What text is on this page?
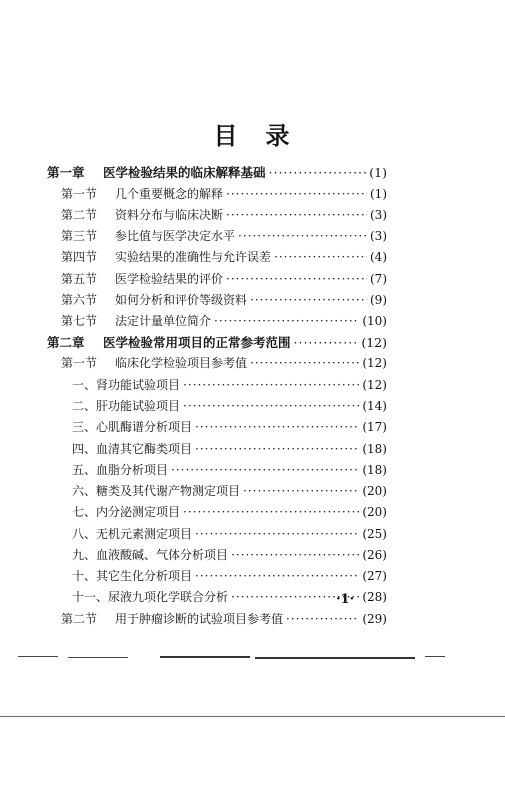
目　录
第一章	医学检验结果的临床解释基础 ·····	(1)
第一节	几个重要概念的解释 ·····	(1)
第二节	资料分布与临床决断 ·····	(3)
第三节	参比值与医学决定水平 ·····	(3)
第四节	实验结果的准确性与允许误差 ·····	(4)
第五节	医学检验结果的评价 ·····	(7)
第六节	如何分析和评价等级资料 ·····	(9)
第七节	法定计量单位简介 ·····	(10)
第二章	医学检验常用项目的正常参考范围 ·····	(12)
第一节	临床化学检验项目参考值 ·····	(12)
一、肾功能试验项目 ·····	(12)
二、肝功能试验项目 ·····	(14)
三、心肌酶谱分析项目 ·····	(17)
四、血清其它酶类项目 ·····	(18)
五、血脂分析项目 ·····	(18)
六、糖类及其代谢产物测定项目 ·····	(20)
七、内分泌测定项目 ·····	(20)
八、无机元素测定项目 ·····	(25)
九、血液酸碱、气体分析项目 ·····	(26)
十、其它生化分析项目 ·····	(27)
十一、尿液九项化学联合分析 ·····	(28)
第二节	用于肿瘤诊断的试验项目参考值 ·····	(29)
·1·
